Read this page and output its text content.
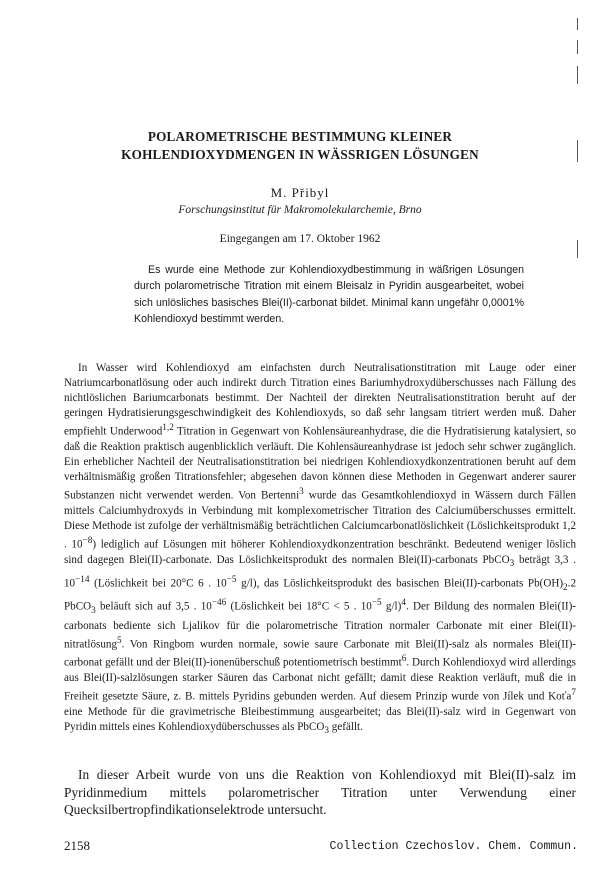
POLAROMETRISCHE BESTIMMUNG KLEINER
KOHLENDIOXYDMENGEN IN WÄSSRIGEN LÖSUNGEN
M. Přibyl
Forschungsinstitut für Makromolekularchemie, Brno
Eingegangen am 17. Oktober 1962

Es wurde eine Methode zur Kohlendioxydbestimmung in wäßrigen Lösungen durch polarometrische Titration mit einem Bleisalz in Pyridin ausgearbeitet, wobei sich unlösliches basisches Blei(II)-carbonat bildet. Minimal kann ungefähr 0,0001% Kohlendioxyd bestimmt werden.

In Wasser wird Kohlendioxyd am einfachsten durch Neutralisationstitration mit Lauge oder einer Natriumcarbonatlösung oder auch indirekt durch Titration eines Bariumhydroxydüberschusses nach Fällung des nichtlöslichen Bariumcarbonats bestimmt. Der Nachteil der direkten Neutralisationstitration beruht auf der geringen Hydratisierungsgeschwindigkeit des Kohlendioxyds, so daß sehr langsam titriert werden muß. Daher empfiehlt Underwood$^{1,2}$ Titration in Gegenwart von Kohlensäureanhydrase, die die Hydratisierung katalysiert, so daß die Reaktion praktisch augenblicklich verläuft. Die Kohlensäureanhydrase ist jedoch sehr schwer zugänglich. Ein erheblicher Nachteil der Neutralisationstitration bei niedrigen Kohlendioxydkonzentrationen beruht auf dem verhältnismäßig großen Titrationsfehler; abgesehen davon können diese Methoden in Gegenwart anderer saurer Substanzen nicht verwendet werden. Von Bertenni$^3$ wurde das Gesamtkohlendioxyd in Wässern durch Fällen mittels Calciumhydroxyds in Verbindung mit komplexometrischer Titration des Calciumüberschusses ermittelt. Diese Methode ist zufolge der verhältnismäßig beträchtlichen Calciumcarbonatlöslichkeit (Löslichkeitsprodukt 1,2 . $10^{-8}$) lediglich auf Lösungen mit höherer Kohlendioxydkonzentration beschränkt. Bedeutend weniger löslich sind dagegen Blei(II)-carbonate. Das Löslichkeitsprodukt des normalen Blei(II)-carbonats PbCO$_3$ beträgt 3,3 . $10^{-14}$ (Löslichkeit bei 20°C 6 . $10^{-5}$ g/l), das Löslichkeitsprodukt des basischen Blei(II)-carbonats $Pb(OH)_2.2$ PbCO$_3$ beläuft sich auf 3,5 . $10^{-46}$ (Löslichkeit bei 18°C < 5 . $10^{-5}$ g/l)$^4$. Der Bildung des normalen Blei(II)-carbonats bediente sich Ljalikov für die polarometrische Titration normaler Carbonate mit einer Blei(II)-nitratlösung$^5$. Von Ringbom wurden normale, sowie saure Carbonate mit Blei(II)-salz als normales Blei(II)-carbonat gefällt und der Blei(II)-ionenüberschuß potentiometrisch bestimmt$^6$. Durch Kohlendioxyd wird allerdings aus Blei(II)-salzlösungen starker Säuren das Carbonat nicht gefällt; damit diese Reaktion verläuft, muß die in Freiheit gesetzte Säure, z. B. mittels Pyridins gebunden werden. Auf diesem Prinzip wurde von Jílek und Koťa$^7$ eine Methode für die gravimetrische Bleibestimmung ausgearbeitet; das Blei(II)-salz wird in Gegenwart von Pyridin mittels eines Kohlendioxydüberschusses als PbCO$_3$ gefällt.

In dieser Arbeit wurde von uns die Reaktion von Kohlendioxyd mit Blei(II)-salz im Pyridinmedium mittels polarometrischer Titration unter Verwendung einer Quecksilbertropfindikationselektrode untersucht.

2158	Collection Czechoslov. Chem. Commun.
